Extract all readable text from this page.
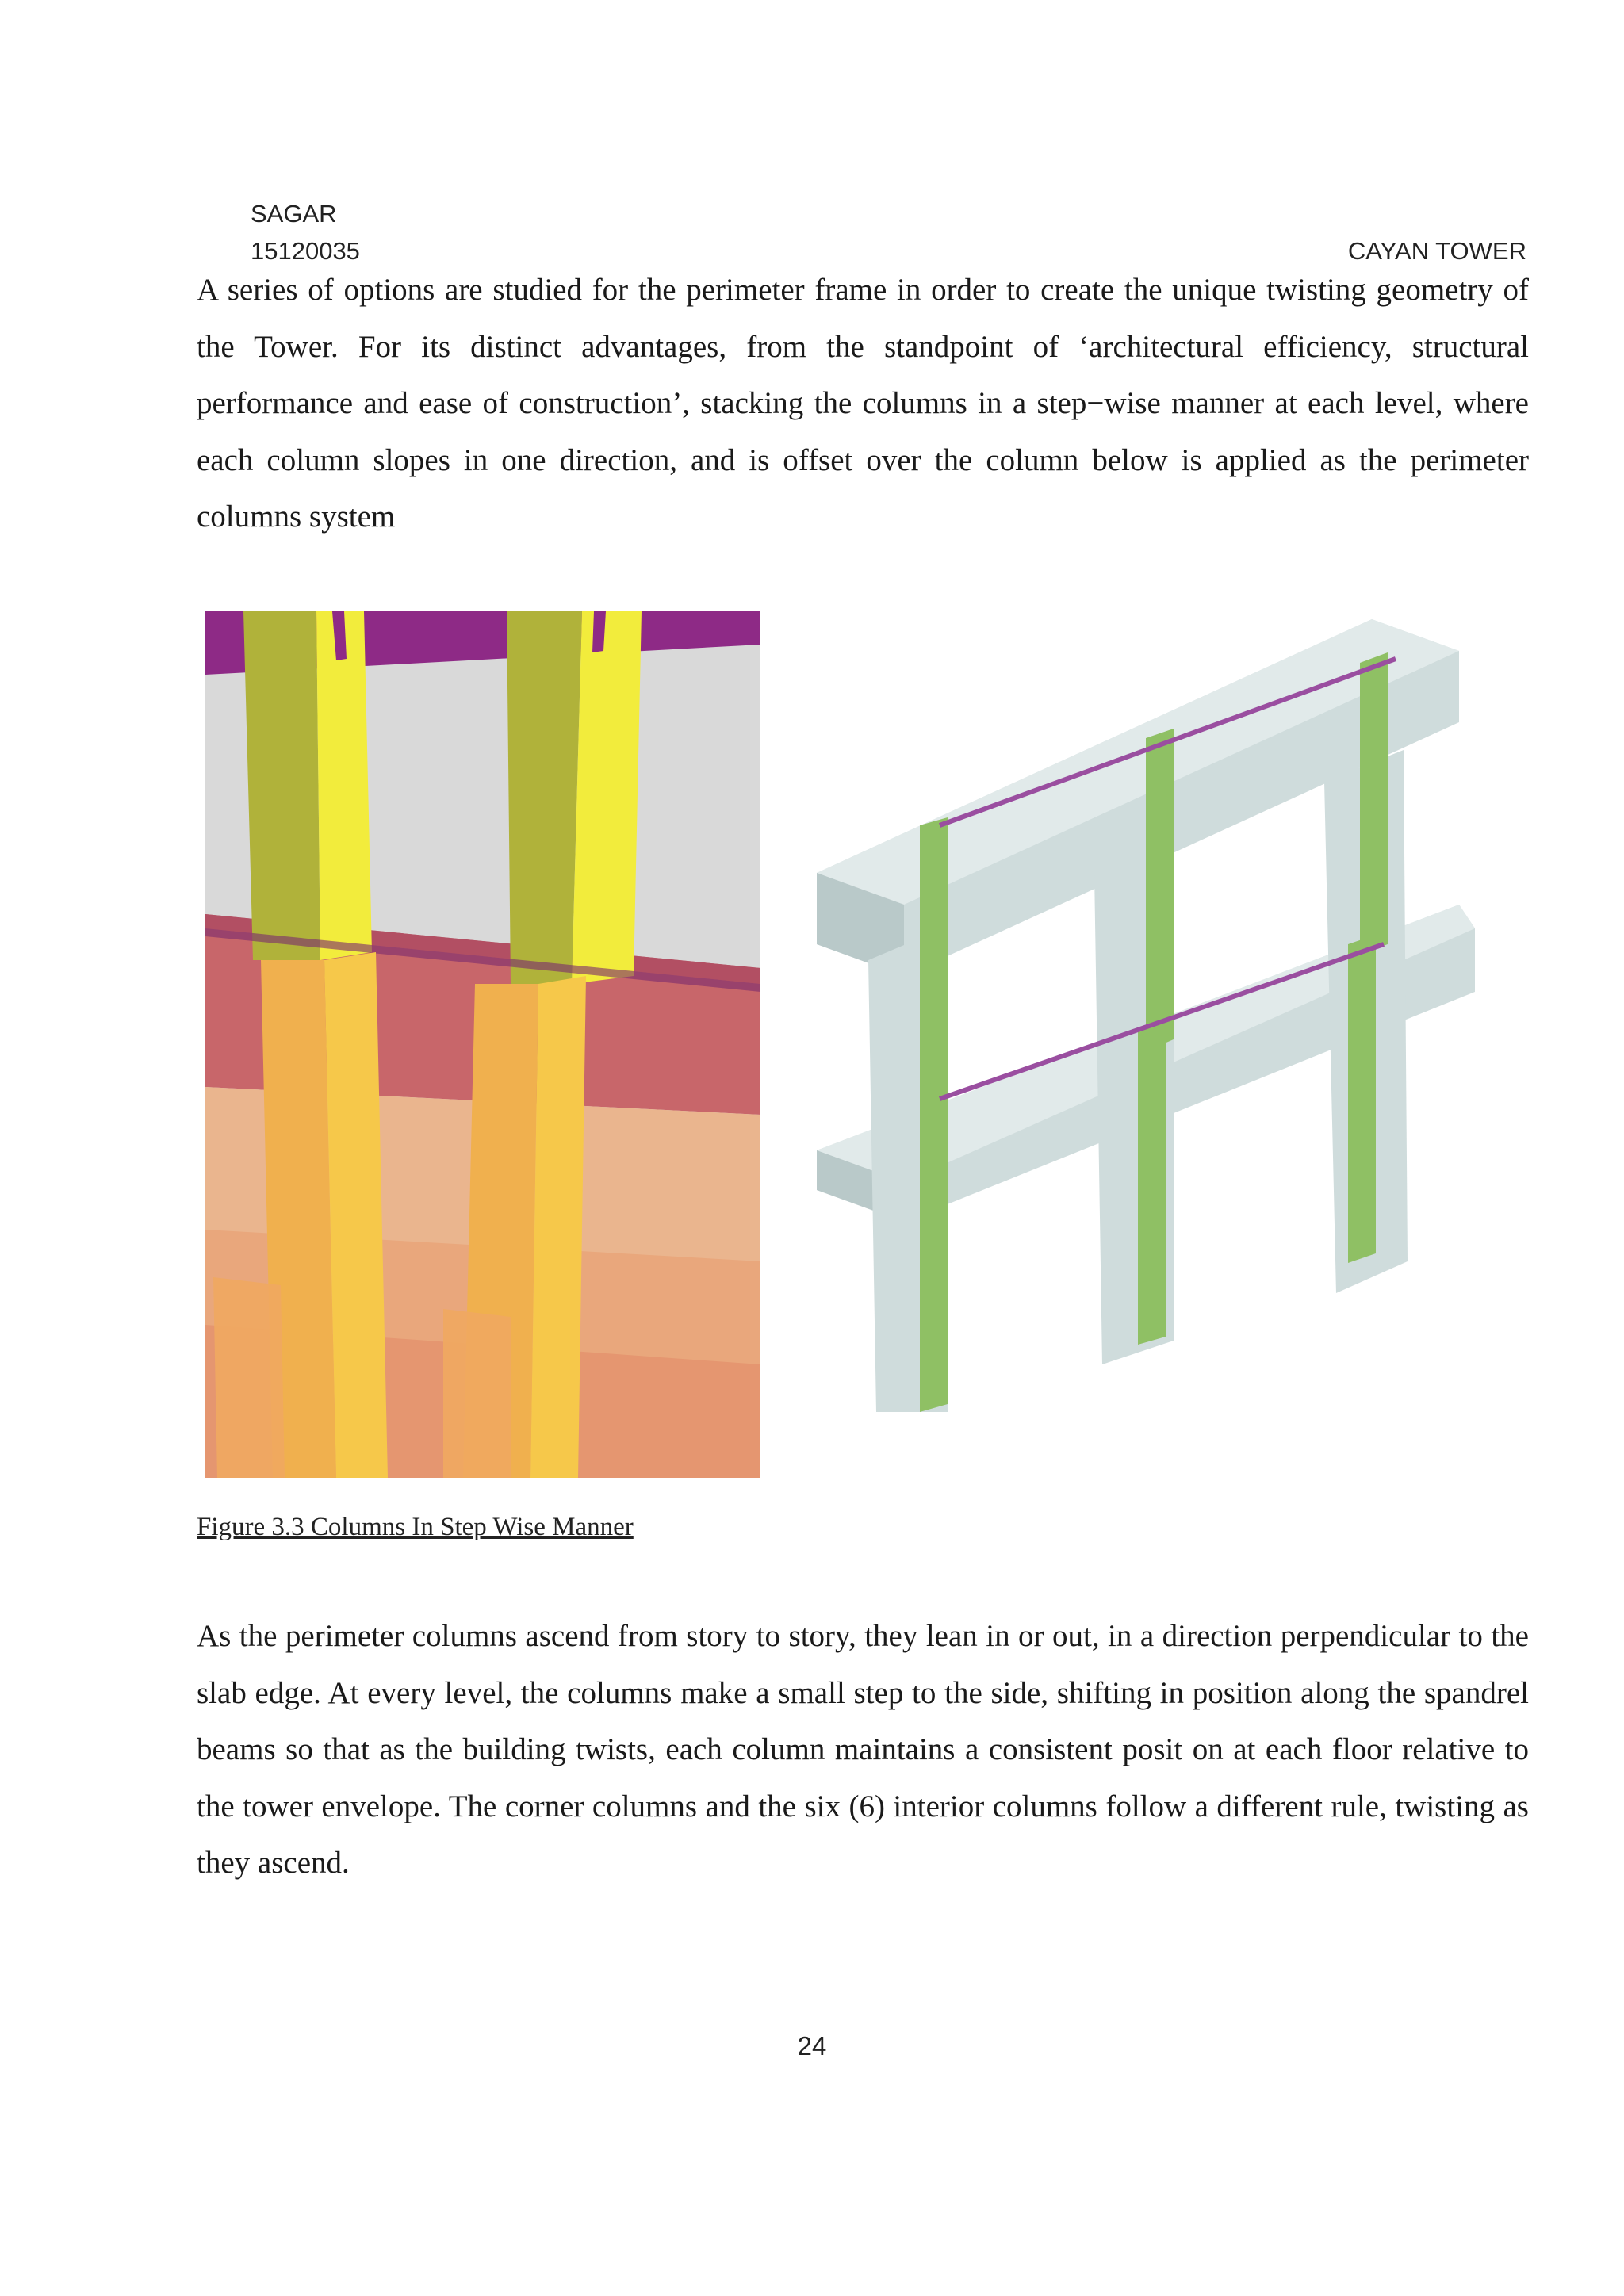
SAGAR
15120035	CAYAN TOWER

A series of options are studied for the perimeter frame in order to create the unique twisting geometry of the Tower. For its distinct advantages, from the standpoint of ‘architectural efficiency, structural performance and ease of construction’, stacking the columns in a step−wise manner at each level, where each column slopes in one direction, and is offset over the column below is applied as the perimeter columns system

Figure 3.3 Columns In Step Wise Manner

As the perimeter columns ascend from story to story, they lean in or out, in a direction perpendicular to the slab edge. At every level, the columns make a small step to the side, shifting in position along the spandrel beams so that as the building twists, each column maintains a consistent posit on at each floor relative to the tower envelope. The corner columns and the six (6) interior columns follow a different rule, twisting as they ascend.

24
